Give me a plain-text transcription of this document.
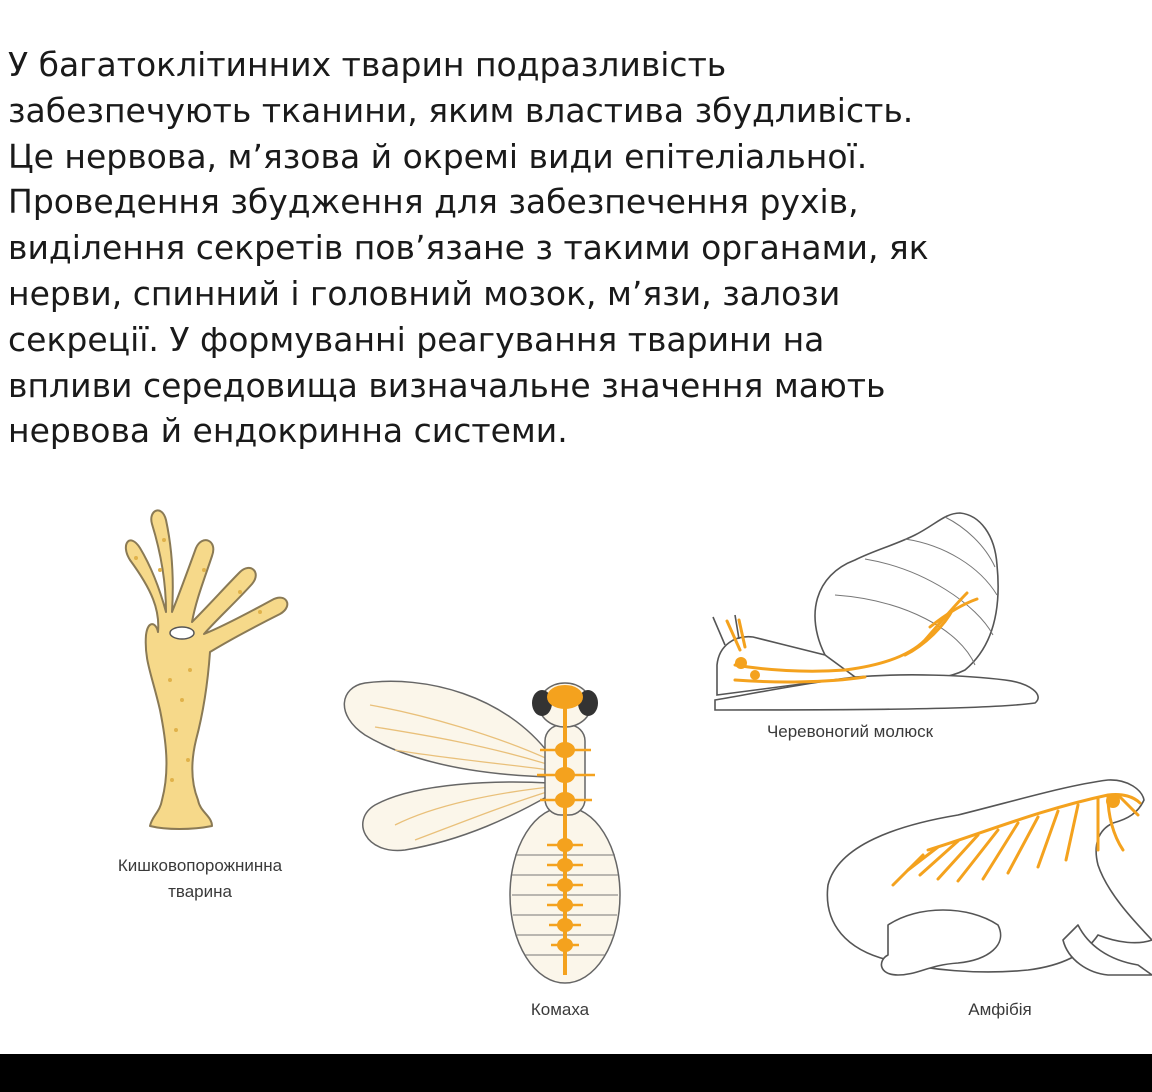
У багатоклітинних тварин подразливість
забезпечують тканини, яким властива збудливість.
Це нервова, м’язова й окремі види епітеліальної.
Проведення збудження для забезпечення рухів,
виділення секретів пов’язане з такими органами, як
нерви, спинний і головний мозок, м’язи, залози
секреції. У формуванні реагування тварини на
впливи середовища визначальне значення мають
нервова й ендокринна системи.

Кишковопорожнинна
тварина
Комаха
Черевоногий молюск
Амфібія
